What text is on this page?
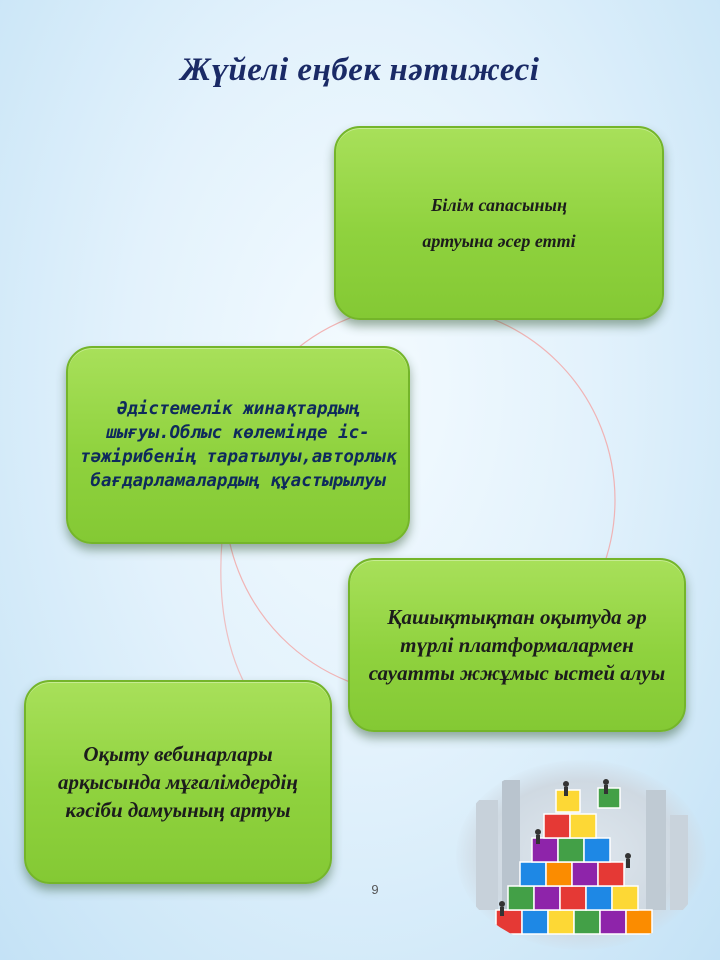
Жүйелі еңбек нәтижесі
Білім сапасының
артуына әсер етті
Әдістемелік жинақтардың шығуы.Облыс көлемінде іс-тәжірибенің таратылуы,авторлық бағдарламалардың құастырылуы
Қашықтықтан оқытуда әр түрлі платформалармен сауатты жжұмыс ыстей алуы
Оқыту вебинарлары арқысында мұғалімдердің кәсіби дамуының артуы
9
